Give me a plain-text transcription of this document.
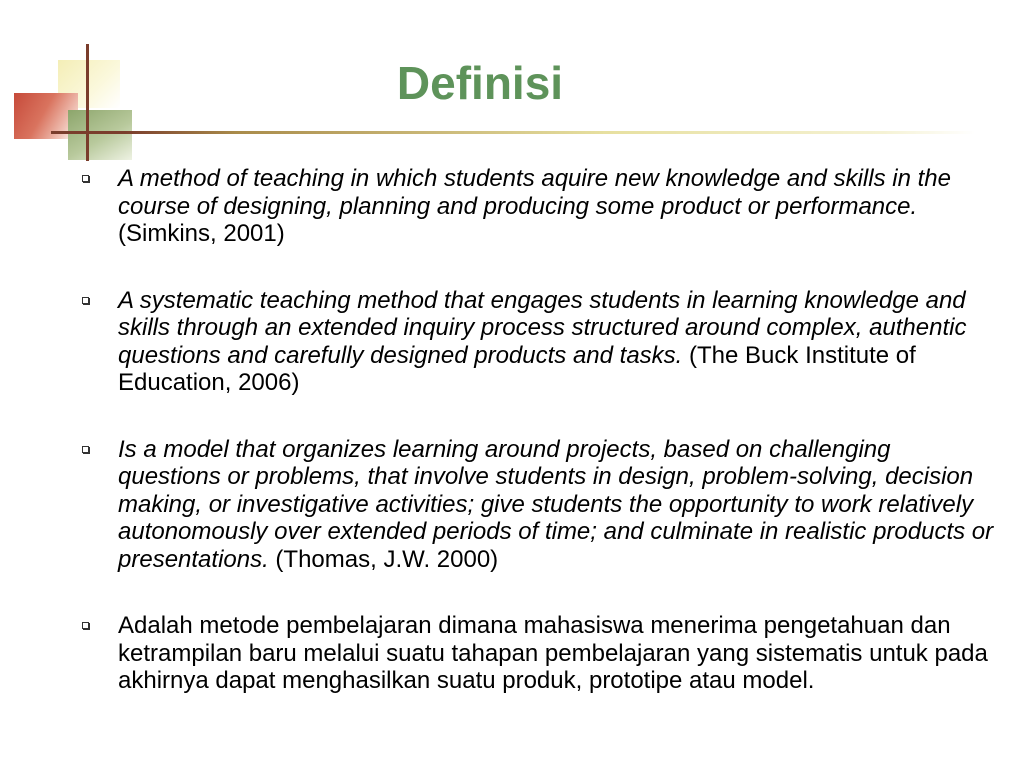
Definisi
A method of teaching in which students aquire new knowledge and skills in the course of designing, planning and producing some product or performance. (Simkins, 2001)
A systematic teaching method that engages students in learning knowledge and skills through an extended inquiry process structured around complex, authentic questions and carefully designed products and tasks. (The Buck Institute of Education, 2006)
Is a model that organizes learning around projects, based on challenging questions or problems, that involve students in design, problem-solving, decision making, or investigative activities; give students the opportunity to work relatively autonomously over extended periods of time; and culminate in realistic products or presentations. (Thomas, J.W. 2000)
Adalah metode pembelajaran dimana mahasiswa menerima pengetahuan dan ketrampilan baru melalui suatu tahapan pembelajaran yang sistematis untuk pada akhirnya dapat menghasilkan suatu produk, prototipe atau model.
